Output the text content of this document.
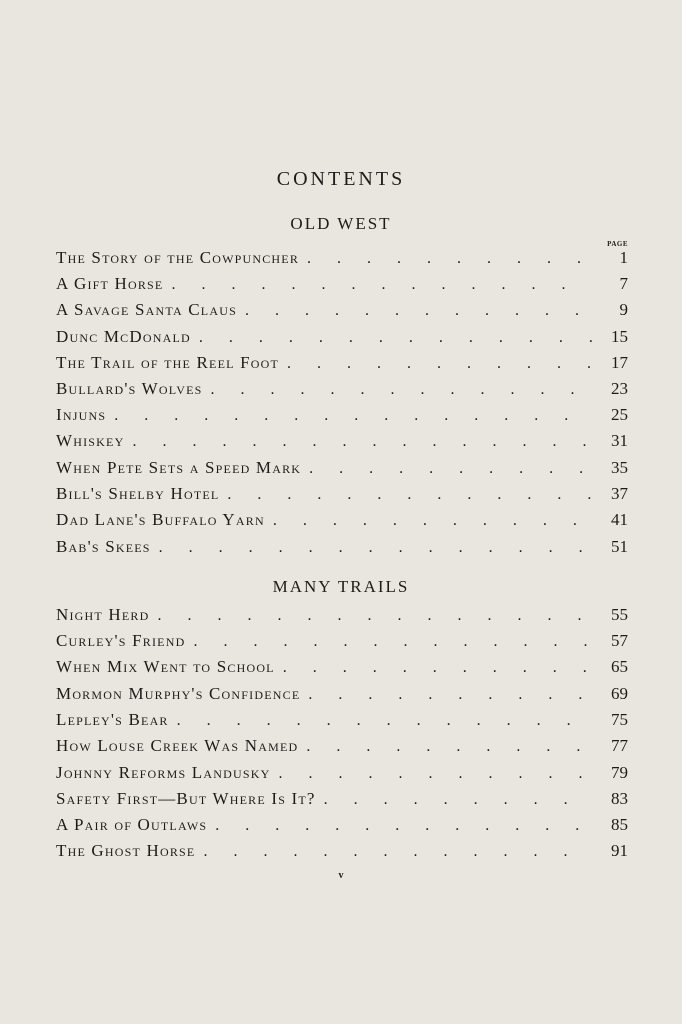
CONTENTS
OLD WEST
PAGE
The Story of the Cowpuncher . . .	1
A Gift Horse . . .	7
A Savage Santa Claus . . .	9
Dunc McDonald . . .	15
The Trail of the Reel Foot . . .	17
Bullard's Wolves . . .	23
Injuns . . .	25
Whiskey . . .	31
When Pete Sets a Speed Mark . . .	35
Bill's Shelby Hotel . . .	37
Dad Lane's Buffalo Yarn . . .	41
Bab's Skees . . .	51
MANY TRAILS
Night Herd . . .	55
Curley's Friend . . .	57
When Mix Went to School . . .	65
Mormon Murphy's Confidence . . .	69
Lepley's Bear . . .	75
How Louse Creek Was Named . . .	77
Johnny Reforms Landusky . . .	79
Safety First—But Where Is It? . . .	83
A Pair of Outlaws . . .	85
The Ghost Horse . . .	91
v
